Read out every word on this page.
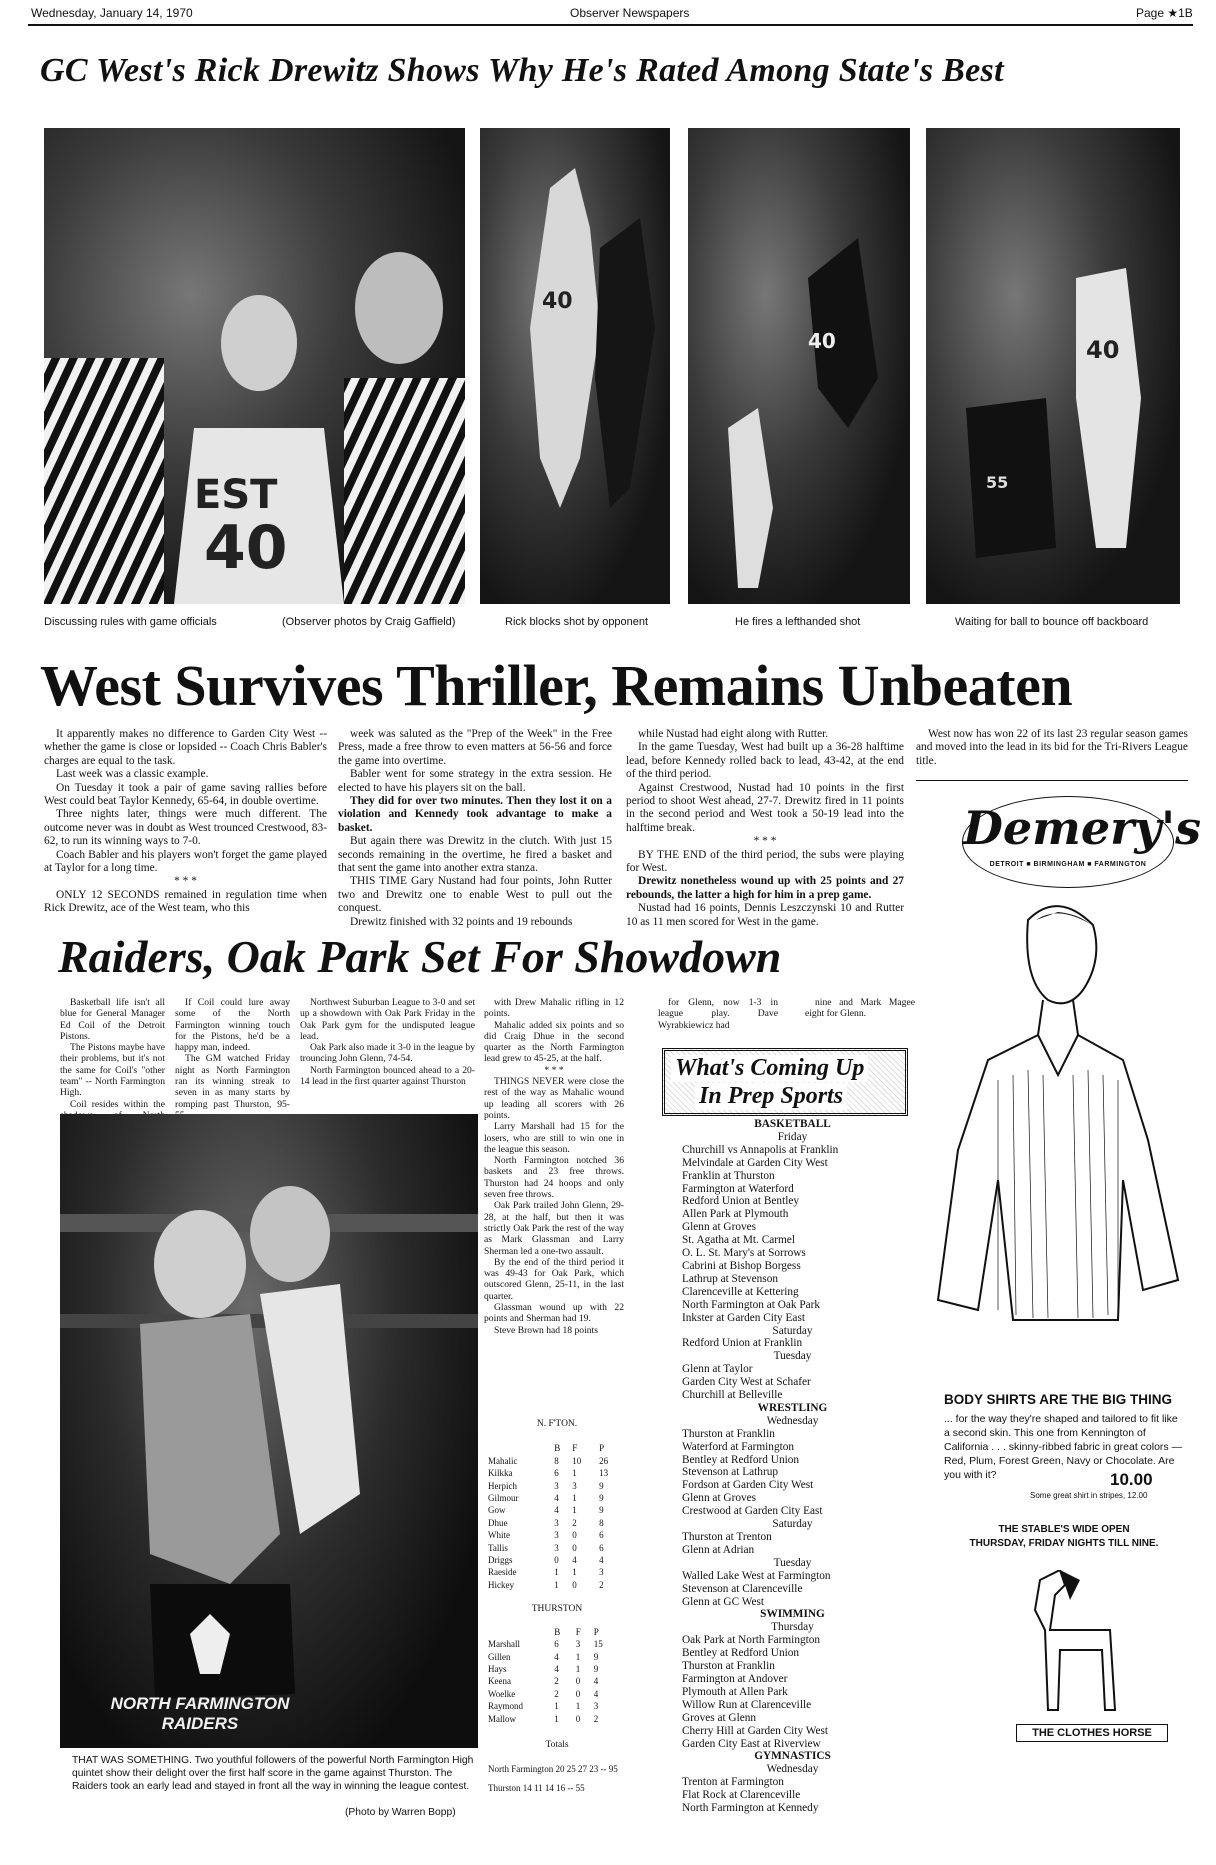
Wednesday, January 14, 1970	Observer Newspapers	Page ★1B
GC West's Rick Drewitz Shows Why He's Rated Among State's Best
EST
40
40
40	40
55
Discussing rules with game officials	(Observer photos by Craig Gaffield)	Rick blocks shot by opponent	He fires a lefthanded shot	Waiting for ball to bounce off backboard
West Survives Thriller, Remains Unbeaten

It apparently makes no difference to Garden City West -- whether the game is close or lopsided -- Coach Chris Babler's charges are equal to the task.

Last week was a classic example.

On Tuesday it took a pair of game saving rallies before West could beat Taylor Kennedy, 65-64, in double overtime.

Three nights later, things were much different. The outcome never was in doubt as West trounced Crestwood, 83-62, to run its winning ways to 7-0.

Coach Babler and his players won't forget the game played at Taylor for a long time.

* * *

ONLY 12 SECONDS remained in regulation time when Rick Drewitz, ace of the West team, who this

week was saluted as the "Prep of the Week" in the Free Press, made a free throw to even matters at 56-56 and force the game into overtime.

Babler went for some strategy in the extra session. He elected to have his players sit on the ball.

They did for over two minutes. Then they lost it on a violation and Kennedy took advantage to make a basket.

But again there was Drewitz in the clutch. With just 15 seconds remaining in the overtime, he fired a basket and that sent the game into another extra stanza.

THIS TIME Gary Nustand had four points, John Rutter two and Drewitz one to enable West to pull out the conquest.

Drewitz finished with 32 points and 19 rebounds

while Nustad had eight along with Rutter.

In the game Tuesday, West had built up a 36-28 halftime lead, before Kennedy rolled back to lead, 43-42, at the end of the third period.

Against Crestwood, Nustad had 10 points in the first period to shoot West ahead, 27-7. Drewitz fired in 11 points in the second period and West took a 50-19 lead into the halftime break.

* * *

BY THE END of the third period, the subs were playing for West.

Drewitz nonetheless wound up with 25 points and 27 rebounds, the latter a high for him in a prep game.

Nustad had 16 points, Dennis Leszczynski 10 and Rutter 10 as 11 men scored for West in the game.

West now has won 22 of its last 23 regular season games and moved into the lead in its bid for the Tri-Rivers League title.

Demery's
DETROIT ■ BIRMINGHAM ■ FARMINGTON
BODY SHIRTS ARE THE BIG THING
... for the way they're shaped and tailored to fit like a second skin. This one from Kennington of California . . . skinny-ribbed fabric in great colors — Red, Plum, Forest Green, Navy or Chocolate. Are you with it?	10.00
Some great shirt in stripes, 12.00
THE STABLE'S WIDE OPEN
THURSDAY, FRIDAY NIGHTS TILL NINE.
THE CLOTHES HORSE
Raiders, Oak Park Set For Showdown

Basketball life isn't all blue for General Manager Ed Coil of the Detroit Pistons.

The Pistons maybe have their problems, but it's not the same for Coil's "other team" -- North Farmington High.

Coil resides within the

If Coil could lure away some of the North Farmington winning touch for the Pistons, he'd be a happy man, indeed.

The GM watched Friday night as North Farmington ran its winning streak to seven in as many starts by romping past Thurston, 95-

Northwest Suburban League to 3-0 and set up a showdown with Oak Park Friday in the Oak Park gym for the undisputed league lead.

Oak Park also made it 3-0 in the league by trouncing John Glenn, 74-54.

North Farmington bounced ahead to a 20-14 lead in the first quarter against Thurston

with Drew Mahalic rifling in 12 points.

Mahalic added six points and so did Craig Dhue in the second quarter as the North Farmington lead grew to 45-25, at the half.

* * *

THINGS NEVER were close the rest of the way as Mahalic wound up leading all scorers with 26 points.

Larry Marshall had 15 for the losers, who are still to win one in the league this season.

North Farmington notched 36 baskets and 23 free throws. Thurston had 24 hoops and only seven free throws.

Oak Park trailed John Glenn, 29-28, at the half, but then it was strictly Oak Park the rest of the way as Mark Glassman and Larry Sherman led a one-two assault.

By the end of the third period it was 49-43 for Oak Park, which outscored Glenn, 25-11, in the last quarter.

Glassman wound up with 22 points and Sherman had 19.

Steve Brown had 18 points

for Glenn, now 1-3 in league play. Dave Wyrabkiewicz had

nine and Mark Magee eight for Glenn.

NORTH FARMINGTON RAIDERS
THAT WAS SOMETHING. Two youthful followers of the powerful North Farmington High quintet show their delight over the first half score in the game against Thurston. The Raiders took an early lead and stayed in front all the way in winning the league contest.
(Photo by Warren Bopp)
N. F'TON.
	B	F	P
Mahalic	8	10	26
Kilkka	6	1	13
Herpich	3	3	9
Gilmour	4	1	9
Gow	4	1	9
Dhue	3	2	8
White	3	0	6
Tallis	3	0	6
Driggs	0	4	4
Raeside	1	1	3
Hickey	1	0	2
THURSTON
	B	F	P
Marshall	6	3	15
Gillen	4	1	9
Hays	4	1	9
Keena	2	0	4
Woelke	2	0	4
Raymond	1	1	3
Mallow	1	0	2
Totals
North Farmington 20 25 27 23 -- 95
Thurston 14 11 14 16 -- 55
What's Coming Up
In Prep Sports
BASKETBALL
Friday
Churchill vs Annapolis at Franklin
Melvindale at Garden City West
Franklin at Thurston
Farmington at Waterford
Redford Union at Bentley
Allen Park at Plymouth
Glenn at Groves
St. Agatha at Mt. Carmel
O. L. St. Mary's at Sorrows
Cabrini at Bishop Borgess
Lathrup at Stevenson
Clarenceville at Kettering
North Farmington at Oak Park
Inkster at Garden City East
Saturday
Redford Union at Franklin
Tuesday
Glenn at Taylor
Garden City West at Schafer
Churchill at Belleville
WRESTLING
Wednesday
Thurston at Franklin
Waterford at Farmington
Bentley at Redford Union
Stevenson at Lathrup
Fordson at Garden City West
Glenn at Groves
Crestwood at Garden City East
Saturday
Thurston at Trenton
Glenn at Adrian
Tuesday
Walled Lake West at Farmington
Stevenson at Clarenceville
Glenn at GC West
SWIMMING
Thursday
Oak Park at North Farmington
Bentley at Redford Union
Thurston at Franklin
Farmington at Andover
Plymouth at Allen Park
Willow Run at Clarenceville
Groves at Glenn
Cherry Hill at Garden City West
Garden City East at Riverview
GYMNASTICS
Wednesday
Trenton at Farmington
Flat Rock at Clarenceville
North Farmington at Kennedy
